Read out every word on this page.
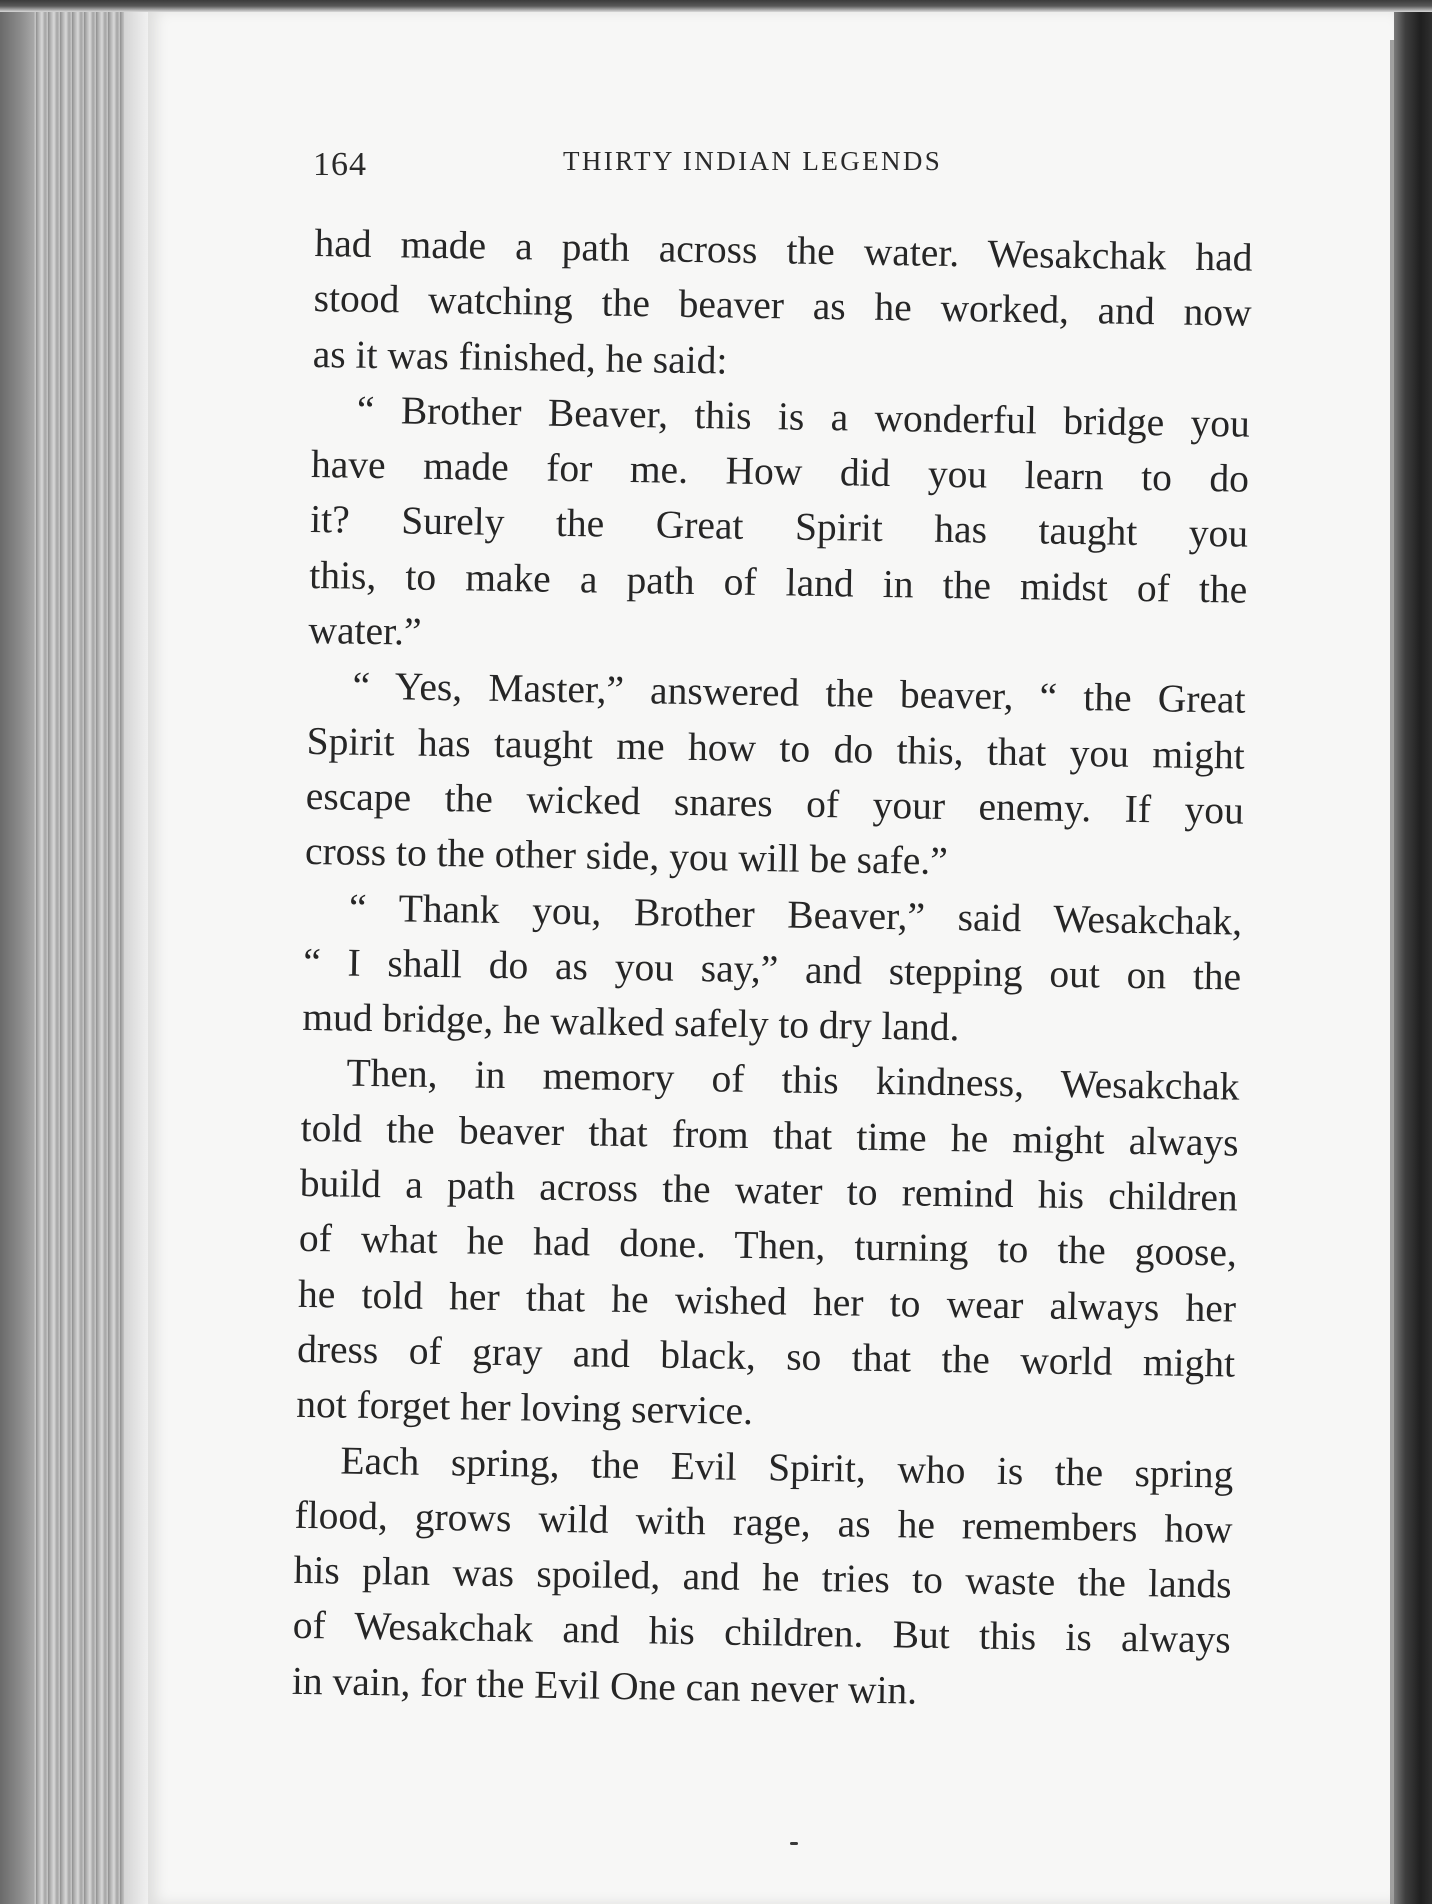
164	THIRTY INDIAN LEGENDS
had made a path across the water. Wesakchak had
stood watching the beaver as he worked, and now
as it was finished, he said:
“ Brother Beaver, this is a wonderful bridge you
have made for me. How did you learn to do
it? Surely the Great Spirit has taught you
this, to make a path of land in the midst of the
water.”
“ Yes, Master,” answered the beaver, “ the Great
Spirit has taught me how to do this, that you might
escape the wicked snares of your enemy. If you
cross to the other side, you will be safe.”
“ Thank you, Brother Beaver,” said Wesakchak,
“ I shall do as you say,” and stepping out on the
mud bridge, he walked safely to dry land.
Then, in memory of this kindness, Wesakchak
told the beaver that from that time he might always
build a path across the water to remind his children
of what he had done. Then, turning to the goose,
he told her that he wished her to wear always her
dress of gray and black, so that the world might
not forget her loving service.
Each spring, the Evil Spirit, who is the spring
flood, grows wild with rage, as he remembers how
his plan was spoiled, and he tries to waste the lands
of Wesakchak and his children. But this is always
in vain, for the Evil One can never win.
